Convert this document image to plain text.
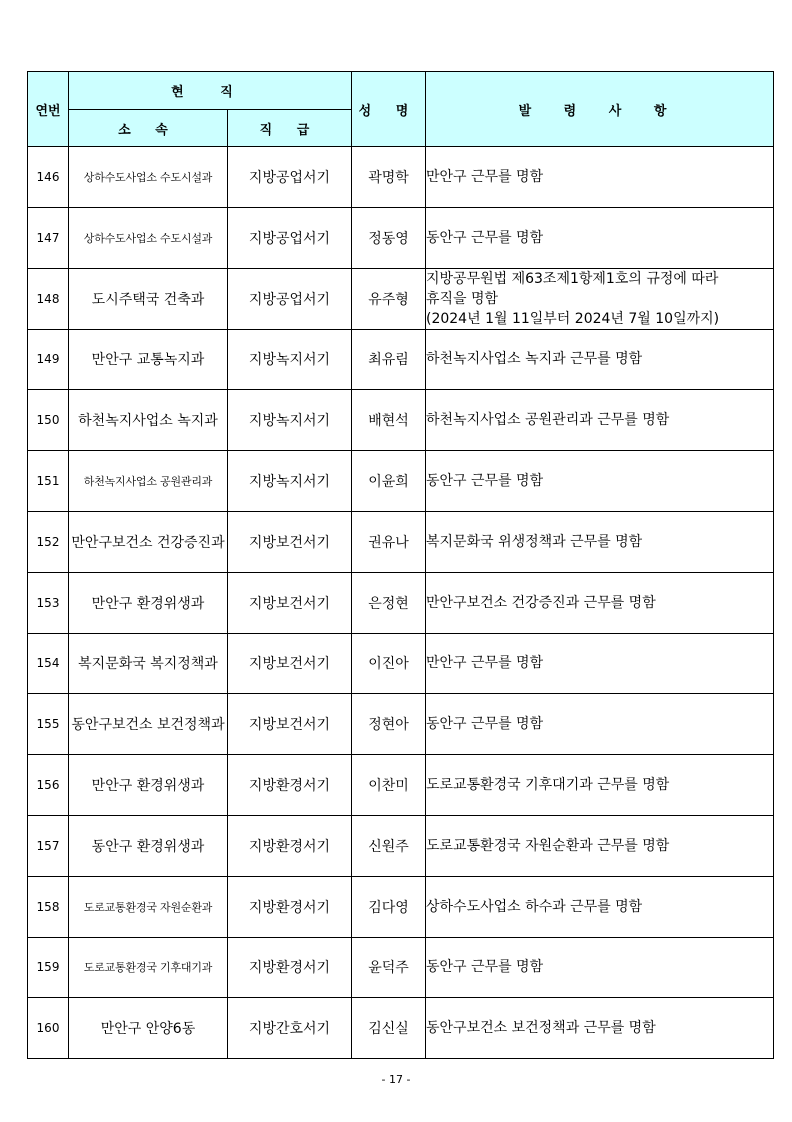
연번	현 직		성 명	발 령 사 항
	소 속	직 급		
146	상하수도사업소 수도시설과	지방공업서기	곽명학	만안구 근무를 명함

147	상하수도사업소 수도시설과	지방공업서기	정동영	동안구 근무를 명함

148	도시주택국 건축과	지방공업서기	유주형	지방공무원법 제63조제1항제1호의 규정에 따라
휴직을 명함
(2024년 1월 11일부터 2024년 7월 10일까지)

149	만안구 교통녹지과	지방녹지서기	최유림	하천녹지사업소 녹지과 근무를 명함

150	하천녹지사업소 녹지과	지방녹지서기	배현석	하천녹지사업소 공원관리과 근무를 명함

151	하천녹지사업소 공원관리과	지방녹지서기	이윤희	동안구 근무를 명함

152	만안구보건소 건강증진과	지방보건서기	권유나	복지문화국 위생정책과 근무를 명함

153	만안구 환경위생과	지방보건서기	은정현	만안구보건소 건강증진과 근무를 명함

154	복지문화국 복지정책과	지방보건서기	이진아	만안구 근무를 명함

155	동안구보건소 보건정책과	지방보건서기	정현아	동안구 근무를 명함

156	만안구 환경위생과	지방환경서기	이찬미	도로교통환경국 기후대기과 근무를 명함

157	동안구 환경위생과	지방환경서기	신원주	도로교통환경국 자원순환과 근무를 명함

158	도로교통환경국 자원순환과	지방환경서기	김다영	상하수도사업소 하수과 근무를 명함

159	도로교통환경국 기후대기과	지방환경서기	윤덕주	동안구 근무를 명함

160	만안구 안양6동	지방간호서기	김신실	동안구보건소 보건정책과 근무를 명함
- 17 -
